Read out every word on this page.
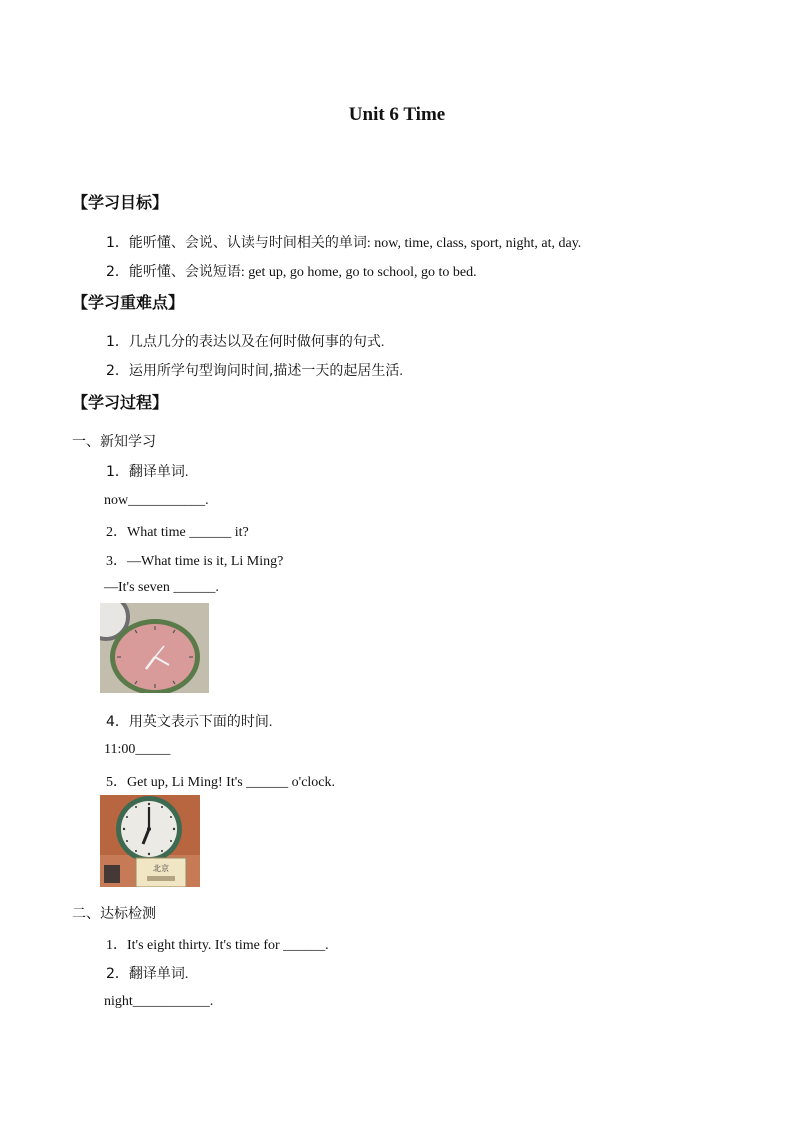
Unit 6 Time
【学习目标】
1．能听懂、会说、认读与时间相关的单词: now, time, class, sport, night, at, day.
2．能听懂、会说短语: get up, go home, go to school, go to bed.
【学习重难点】
1．几点几分的表达以及在何时做何事的句式.
2．运用所学句型询问时间,描述一天的起居生活.
【学习过程】
一、新知学习
1．翻译单词.
now___________.
2．What time ______ it?
3．—What time is it, Li Ming?
—It's seven ______.
4．用英文表示下面的时间.
11:00_____
5．Get up, Li Ming! It's ______ o'clock.
北京
二、达标检测
1．It's eight thirty. It's time for ______.
2．翻译单词.
night___________.
